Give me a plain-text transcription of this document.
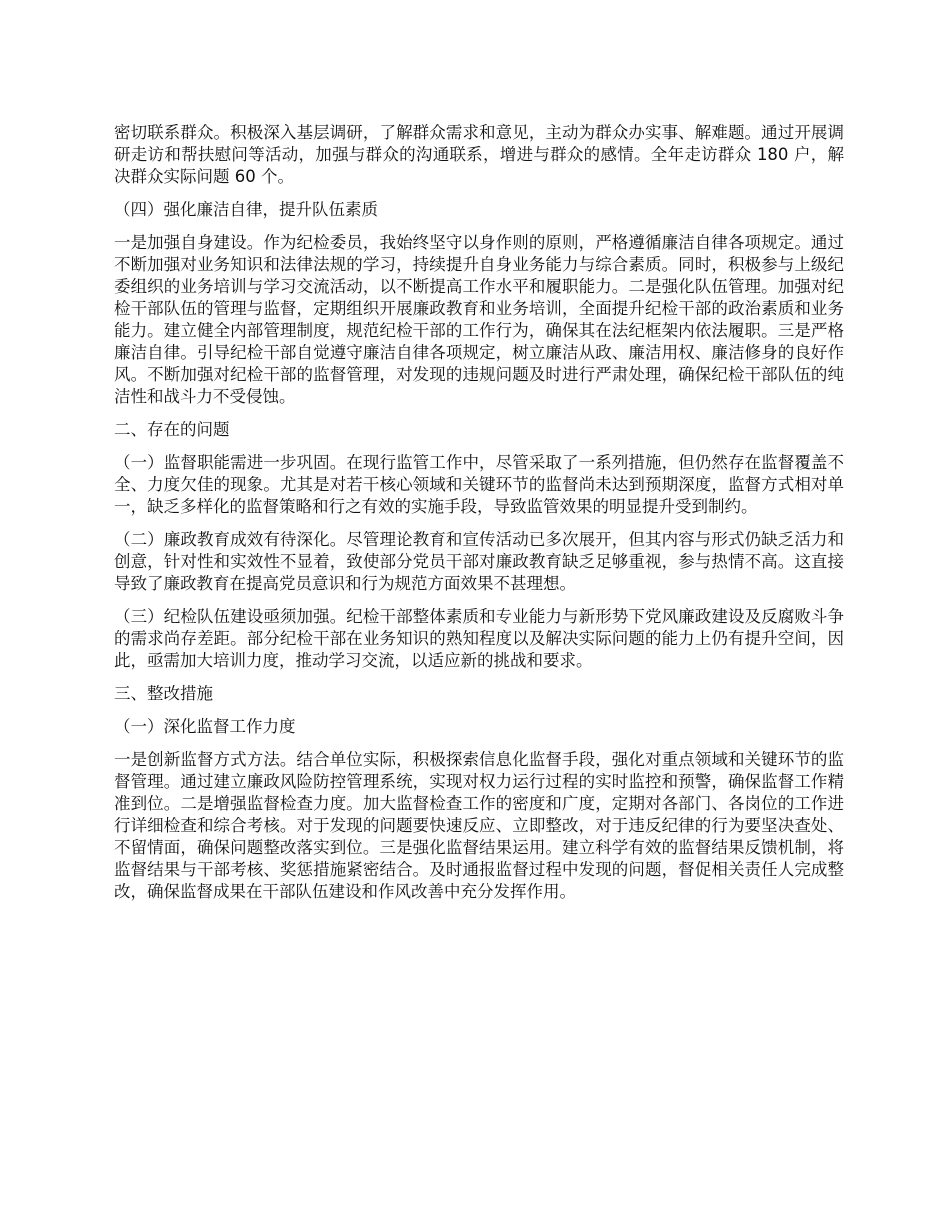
密切联系群众。积极深入基层调研，了解群众需求和意见，主动为群众办实事、解难题。通过开展调研走访和帮扶慰问等活动，加强与群众的沟通联系，增进与群众的感情。全年走访群众 180 户，解决群众实际问题 60 个。

（四）强化廉洁自律，提升队伍素质

一是加强自身建设。作为纪检委员，我始终坚守以身作则的原则，严格遵循廉洁自律各项规定。通过不断加强对业务知识和法律法规的学习，持续提升自身业务能力与综合素质。同时，积极参与上级纪委组织的业务培训与学习交流活动，以不断提高工作水平和履职能力。二是强化队伍管理。加强对纪检干部队伍的管理与监督，定期组织开展廉政教育和业务培训，全面提升纪检干部的政治素质和业务能力。建立健全内部管理制度，规范纪检干部的工作行为，确保其在法纪框架内依法履职。三是严格廉洁自律。引导纪检干部自觉遵守廉洁自律各项规定，树立廉洁从政、廉洁用权、廉洁修身的良好作风。不断加强对纪检干部的监督管理，对发现的违规问题及时进行严肃处理，确保纪检干部队伍的纯洁性和战斗力不受侵蚀。

二、存在的问题

（一）监督职能需进一步巩固。在现行监管工作中，尽管采取了一系列措施，但仍然存在监督覆盖不全、力度欠佳的现象。尤其是对若干核心领域和关键环节的监督尚未达到预期深度，监督方式相对单一，缺乏多样化的监督策略和行之有效的实施手段，导致监管效果的明显提升受到制约。

（二）廉政教育成效有待深化。尽管理论教育和宣传活动已多次展开，但其内容与形式仍缺乏活力和创意，针对性和实效性不显着，致使部分党员干部对廉政教育缺乏足够重视，参与热情不高。这直接导致了廉政教育在提高党员意识和行为规范方面效果不甚理想。

（三）纪检队伍建设亟须加强。纪检干部整体素质和专业能力与新形势下党风廉政建设及反腐败斗争的需求尚存差距。部分纪检干部在业务知识的熟知程度以及解决实际问题的能力上仍有提升空间，因此，亟需加大培训力度，推动学习交流，以适应新的挑战和要求。

三、整改措施

（一）深化监督工作力度

一是创新监督方式方法。结合单位实际，积极探索信息化监督手段，强化对重点领域和关键环节的监督管理。通过建立廉政风险防控管理系统，实现对权力运行过程的实时监控和预警，确保监督工作精准到位。二是增强监督检查力度。加大监督检查工作的密度和广度，定期对各部门、各岗位的工作进行详细检查和综合考核。对于发现的问题要快速反应、立即整改，对于违反纪律的行为要坚决查处、不留情面，确保问题整改落实到位。三是强化监督结果运用。建立科学有效的监督结果反馈机制，将监督结果与干部考核、奖惩措施紧密结合。及时通报监督过程中发现的问题，督促相关责任人完成整改，确保监督成果在干部队伍建设和作风改善中充分发挥作用。
